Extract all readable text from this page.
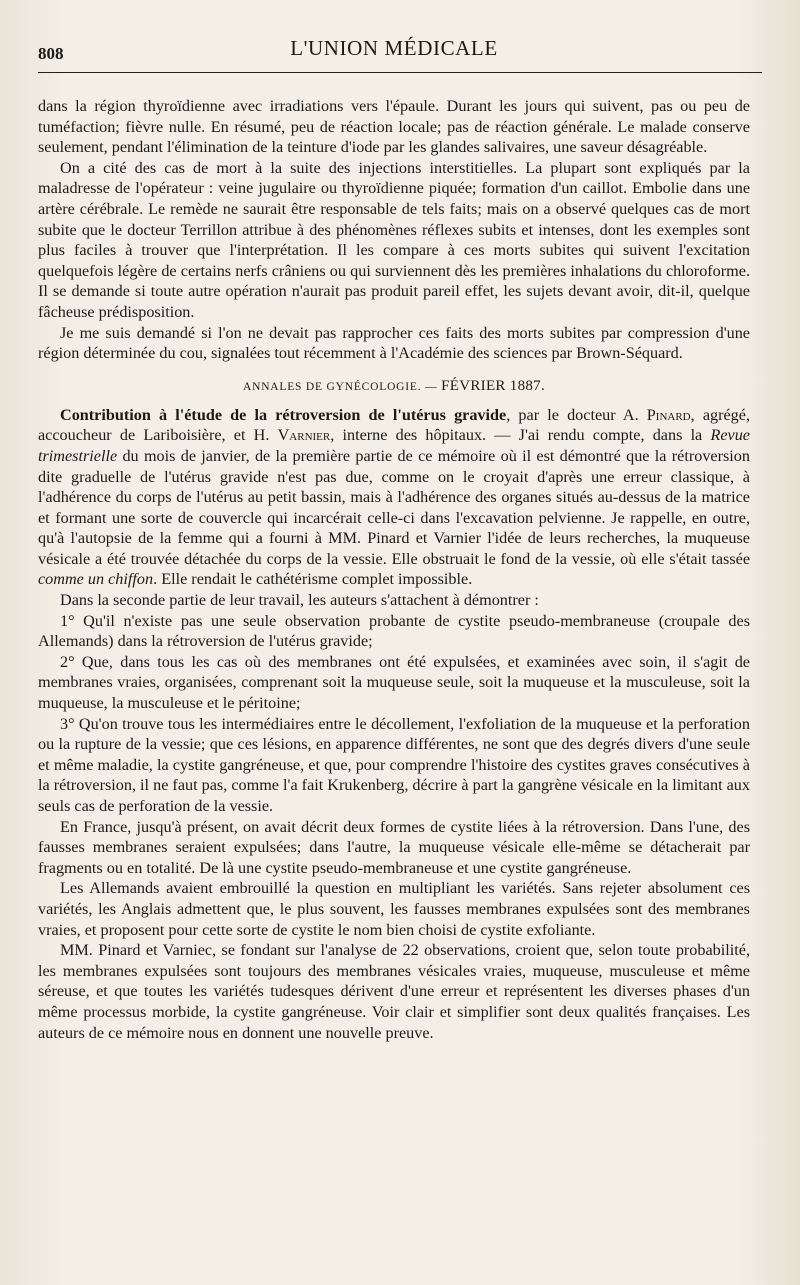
808	L'UNION MÉDICALE

dans la région thyroïdienne avec irradiations vers l'épaule. Durant les jours qui suivent, pas ou peu de tuméfaction; fièvre nulle. En résumé, peu de réaction locale; pas de réaction générale. Le malade conserve seulement, pendant l'élimination de la teinture d'iode par les glandes salivaires, une saveur désagréable.

On a cité des cas de mort à la suite des injections interstitielles. La plupart sont expliqués par la maladresse de l'opérateur : veine jugulaire ou thyroïdienne piquée; formation d'un caillot. Embolie dans une artère cérébrale. Le remède ne saurait être responsable de tels faits; mais on a observé quelques cas de mort subite que le docteur Terrillon attribue à des phénomènes réflexes subits et intenses, dont les exemples sont plus faciles à trouver que l'interprétation. Il les compare à ces morts subites qui suivent l'excitation quelquefois légère de certains nerfs crâniens ou qui surviennent dès les premières inhalations du chloroforme. Il se demande si toute autre opération n'aurait pas produit pareil effet, les sujets devant avoir, dit-il, quelque fâcheuse prédisposition.

Je me suis demandé si l'on ne devait pas rapprocher ces faits des morts subites par compression d'une région déterminée du cou, signalées tout récemment à l'Académie des sciences par Brown-Séquard.

ANNALES DE GYNÉCOLOGIE. — FÉVRIER 1887.

Contribution à l'étude de la rétroversion de l'utérus gravide, par le docteur A. Pinard, agrégé, accoucheur de Lariboisière, et H. Varnier, interne des hôpitaux. — J'ai rendu compte, dans la Revue trimestrielle du mois de janvier, de la première partie de ce mémoire où il est démontré que la rétroversion dite graduelle de l'utérus gravide n'est pas due, comme on le croyait d'après une erreur classique, à l'adhérence du corps de l'utérus au petit bassin, mais à l'adhérence des organes situés au-dessus de la matrice et formant une sorte de couvercle qui incarcérait celle-ci dans l'excavation pelvienne. Je rappelle, en outre, qu'à l'autopsie de la femme qui a fourni à MM. Pinard et Varnier l'idée de leurs recherches, la muqueuse vésicale a été trouvée détachée du corps de la vessie. Elle obstruait le fond de la vessie, où elle s'était tassée comme un chiffon. Elle rendait le cathétérisme complet impossible.

Dans la seconde partie de leur travail, les auteurs s'attachent à démontrer :

1° Qu'il n'existe pas une seule observation probante de cystite pseudo-membraneuse (croupale des Allemands) dans la rétroversion de l'utérus gravide;

2° Que, dans tous les cas où des membranes ont été expulsées, et examinées avec soin, il s'agit de membranes vraies, organisées, comprenant soit la muqueuse seule, soit la muqueuse et la musculeuse, soit la muqueuse, la musculeuse et le péritoine;

3° Qu'on trouve tous les intermédiaires entre le décollement, l'exfoliation de la muqueuse et la perforation ou la rupture de la vessie; que ces lésions, en apparence différentes, ne sont que des degrés divers d'une seule et même maladie, la cystite gangréneuse, et que, pour comprendre l'histoire des cystites graves consécutives à la rétroversion, il ne faut pas, comme l'a fait Krukenberg, décrire à part la gangrène vésicale en la limitant aux seuls cas de perforation de la vessie.

En France, jusqu'à présent, on avait décrit deux formes de cystite liées à la rétroversion. Dans l'une, des fausses membranes seraient expulsées; dans l'autre, la muqueuse vésicale elle-même se détacherait par fragments ou en totalité. De là une cystite pseudo-membraneuse et une cystite gangréneuse.

Les Allemands avaient embrouillé la question en multipliant les variétés. Sans rejeter absolument ces variétés, les Anglais admettent que, le plus souvent, les fausses membranes expulsées sont des membranes vraies, et proposent pour cette sorte de cystite le nom bien choisi de cystite exfoliante.

MM. Pinard et Varniec, se fondant sur l'analyse de 22 observations, croient que, selon toute probabilité, les membranes expulsées sont toujours des membranes vésicales vraies, muqueuse, musculeuse et même séreuse, et que toutes les variétés tudesques dérivent d'une erreur et représentent les diverses phases d'un même processus morbide, la cystite gangréneuse. Voir clair et simplifier sont deux qualités françaises. Les auteurs de ce mémoire nous en donnent une nouvelle preuve.
